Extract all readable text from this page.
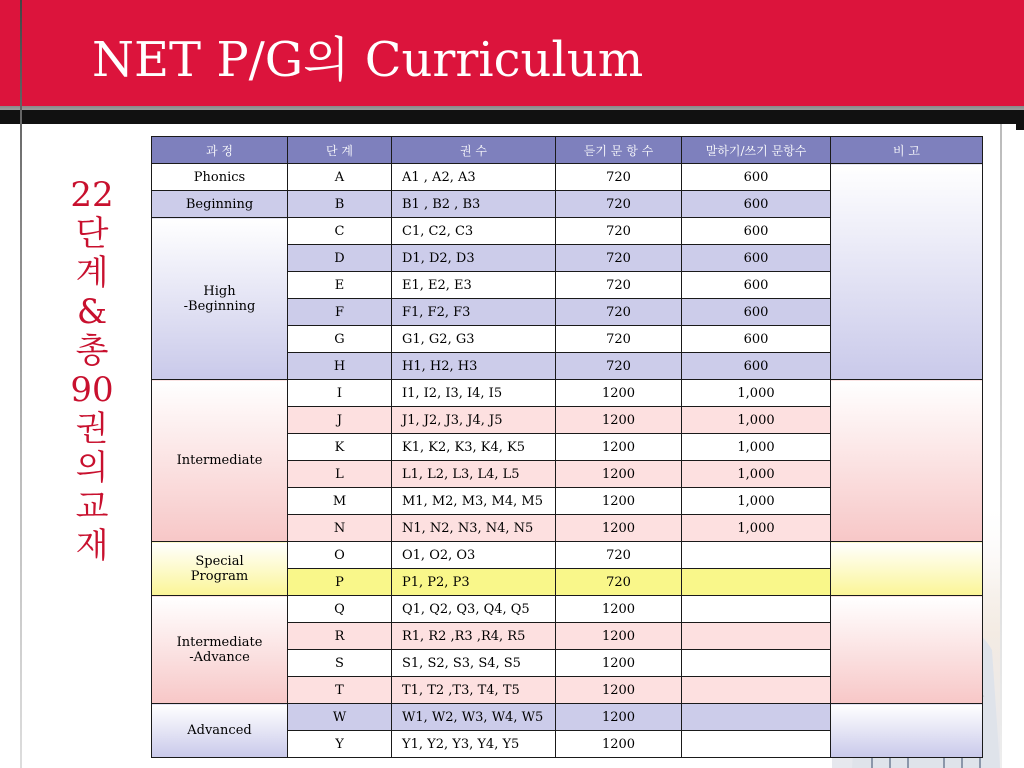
NET P/G의 Curriculum
22
단
계
&
총
90
권
의
교
재
과 정	단 계	권 수	듣기 문 항 수	말하기/쓰기 문항수	비 고
Phonics	A	A1 , A2, A3	720	600	
Beginning	B	B1 , B2 , B3	720	600	

High
-Beginning	C	C1, C2, C3	720	600	
	D	D1, D2, D3	720	600	
	E	E1, E2, E3	720	600	
	F	F1, F2, F3	720	600	
	G	G1, G2, G3	720	600	
	H	H1, H2, H3	720	600	
Intermediate	I	I1, I2, I3, I4, I5	1200	1,000	
	J	J1, J2, J3, J4, J5	1200	1,000	
	K	K1, K2, K3, K4, K5	1200	1,000	
	L	L1, L2, L3, L4, L5	1200	1,000	
	M	M1, M2, M3, M4, M5	1200	1,000	
	N	N1, N2, N3, N4, N5	1200	1,000	

Special
Program	O	O1, O2, O3	720		
	P	P1, P2, P3	720		

Intermediate
-Advance	Q	Q1, Q2, Q3, Q4, Q5	1200		
	R	R1, R2 ,R3 ,R4, R5	1200		
	S	S1, S2, S3, S4, S5	1200		
	T	T1, T2 ,T3, T4, T5	1200		
Advanced	W	W1, W2, W3, W4, W5	1200		
	Y	Y1, Y2, Y3, Y4, Y5	1200		
